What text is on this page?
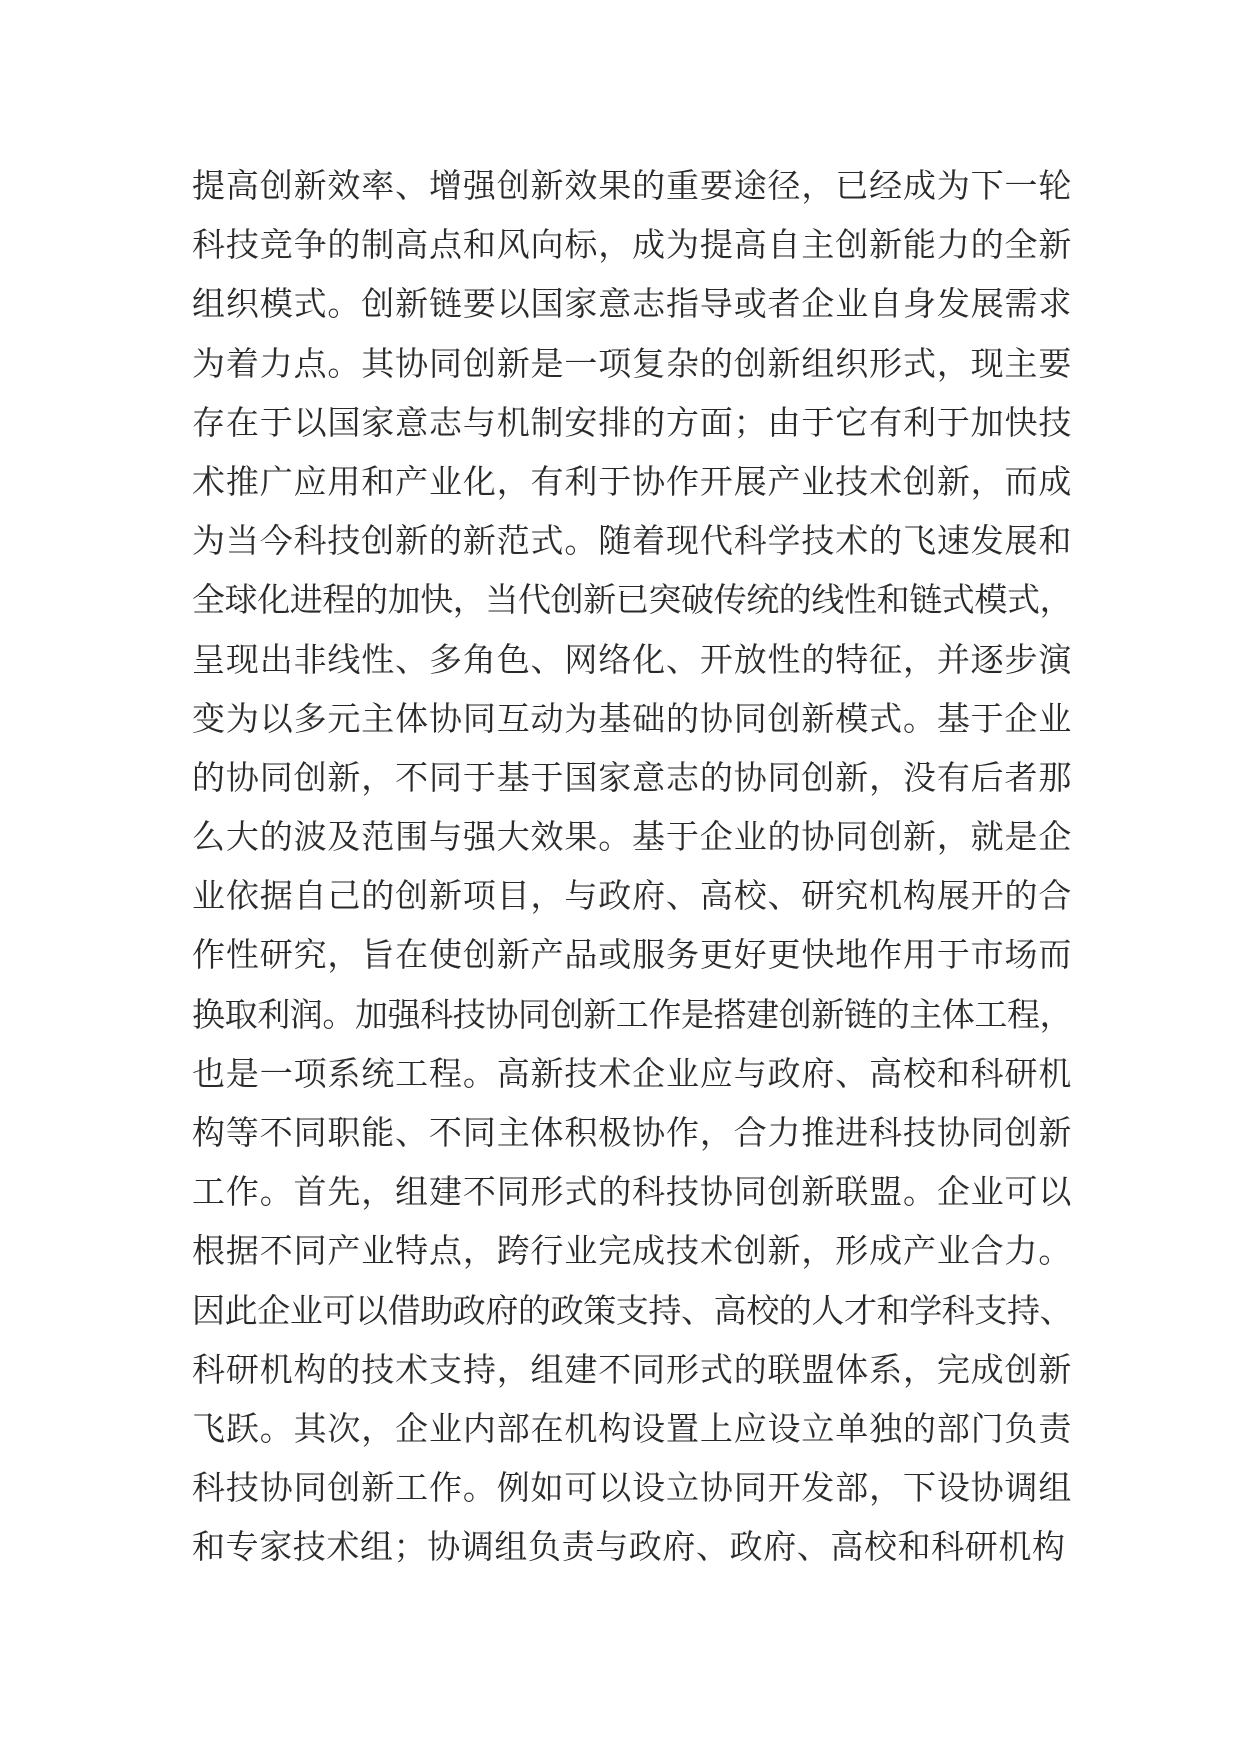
提高创新效率、增强创新效果的重要途径，已经成为下一轮
科技竞争的制高点和风向标，成为提高自主创新能力的全新
组织模式。创新链要以国家意志指导或者企业自身发展需求
为着力点。其协同创新是一项复杂的创新组织形式，现主要
存在于以国家意志与机制安排的方面；由于它有利于加快技
术推广应用和产业化，有利于协作开展产业技术创新，而成
为当今科技创新的新范式。随着现代科学技术的飞速发展和
全球化进程的加快，当代创新已突破传统的线性和链式模式，
呈现出非线性、多角色、网络化、开放性的特征，并逐步演
变为以多元主体协同互动为基础的协同创新模式。基于企业
的协同创新，不同于基于国家意志的协同创新，没有后者那
么大的波及范围与强大效果。基于企业的协同创新，就是企
业依据自己的创新项目，与政府、高校、研究机构展开的合
作性研究，旨在使创新产品或服务更好更快地作用于市场而
换取利润。加强科技协同创新工作是搭建创新链的主体工程，
也是一项系统工程。高新技术企业应与政府、高校和科研机
构等不同职能、不同主体积极协作，合力推进科技协同创新
工作。首先，组建不同形式的科技协同创新联盟。企业可以
根据不同产业特点，跨行业完成技术创新，形成产业合力。
因此企业可以借助政府的政策支持、高校的人才和学科支持、
科研机构的技术支持，组建不同形式的联盟体系，完成创新
飞跃。其次，企业内部在机构设置上应设立单独的部门负责
科技协同创新工作。例如可以设立协同开发部，下设协调组
和专家技术组；协调组负责与政府、政府、高校和科研机构
